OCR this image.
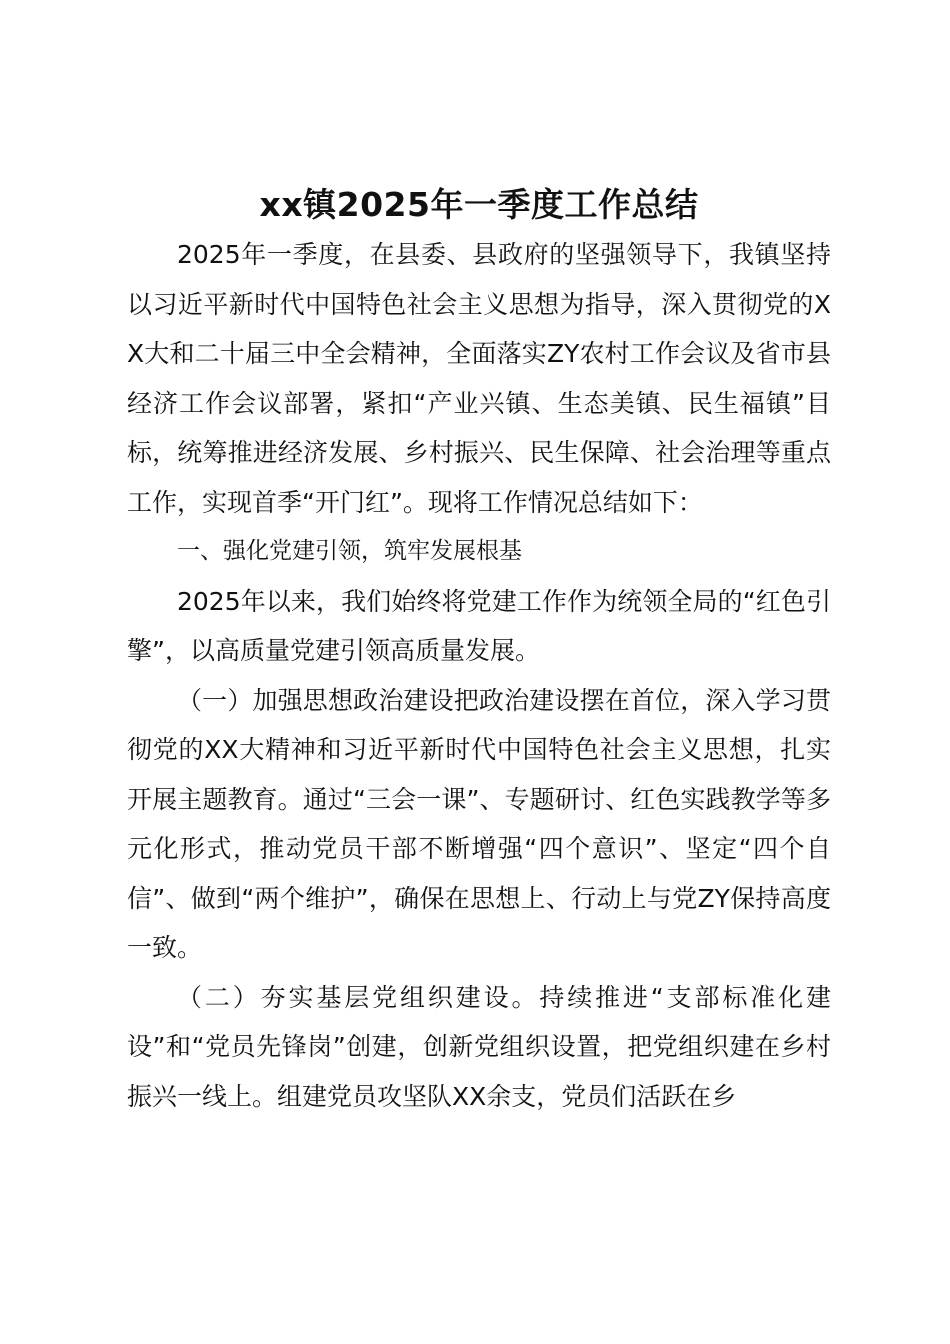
xx镇2025年一季度工作总结

2025年一季度，在县委、县政府的坚强领导下，我镇坚持以习近平新时代中国特色社会主义思想为指导，深入贯彻党的XX大和二十届三中全会精神，全面落实ZY农村工作会议及省市县经济工作会议部署，紧扣“产业兴镇、生态美镇、民生福镇”目标，统筹推进经济发展、乡村振兴、民生保障、社会治理等重点工作，实现首季“开门红”。现将工作情况总结如下：

一、强化党建引领，筑牢发展根基

2025年以来，我们始终将党建工作作为统领全局的“红色引擎”，以高质量党建引领高质量发展。

（一）加强思想政治建设把政治建设摆在首位，深入学习贯彻党的XX大精神和习近平新时代中国特色社会主义思想，扎实开展主题教育。通过“三会一课”、专题研讨、红色实践教学等多元化形式，推动党员干部不断增强“四个意识”、坚定“四个自信”、做到“两个维护”，确保在思想上、行动上与党ZY保持高度一致。

（二）夯实基层党组织建设。持续推进“支部标准化建设”和“党员先锋岗”创建，创新党组织设置，把党组织建在乡村振兴一线上。组建党员攻坚队XX余支，党员们活跃在乡
